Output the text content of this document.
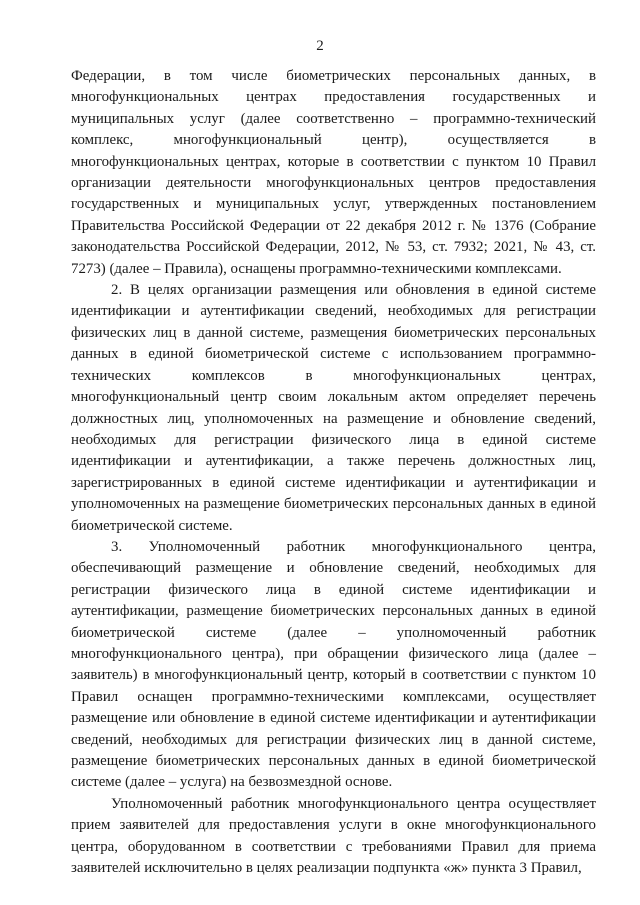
2

Федерации, в том числе биометрических персональных данных, в многофункциональных центрах предоставления государственных и муниципальных услуг (далее соответственно – программно-технический комплекс, многофункциональный центр), осуществляется в многофункциональных центрах, которые в соответствии с пунктом 10 Правил организации деятельности многофункциональных центров предоставления государственных и муниципальных услуг, утвержденных постановлением Правительства Российской Федерации от 22 декабря 2012 г. № 1376 (Собрание законодательства Российской Федерации, 2012, № 53, ст. 7932; 2021, № 43, ст. 7273) (далее – Правила), оснащены программно-техническими комплексами.

2. В целях организации размещения или обновления в единой системе идентификации и аутентификации сведений, необходимых для регистрации физических лиц в данной системе, размещения биометрических персональных данных в единой биометрической системе с использованием программно-технических комплексов в многофункциональных центрах, многофункциональный центр своим локальным актом определяет перечень должностных лиц, уполномоченных на размещение и обновление сведений, необходимых для регистрации физического лица в единой системе идентификации и аутентификации, а также перечень должностных лиц, зарегистрированных в единой системе идентификации и аутентификации и уполномоченных на размещение биометрических персональных данных в единой биометрической системе.

3. Уполномоченный работник многофункционального центра, обеспечивающий размещение и обновление сведений, необходимых для регистрации физического лица в единой системе идентификации и аутентификации, размещение биометрических персональных данных в единой биометрической системе (далее – уполномоченный работник многофункционального центра), при обращении физического лица (далее – заявитель) в многофункциональный центр, который в соответствии с пунктом 10 Правил оснащен программно-техническими комплексами, осуществляет размещение или обновление в единой системе идентификации и аутентификации сведений, необходимых для регистрации физических лиц в данной системе, размещение биометрических персональных данных в единой биометрической системе (далее – услуга) на безвозмездной основе.

Уполномоченный работник многофункционального центра осуществляет прием заявителей для предоставления услуги в окне многофункционального центра, оборудованном в соответствии с требованиями Правил для приема заявителей исключительно в целях реализации подпункта «ж» пункта 3 Правил,
